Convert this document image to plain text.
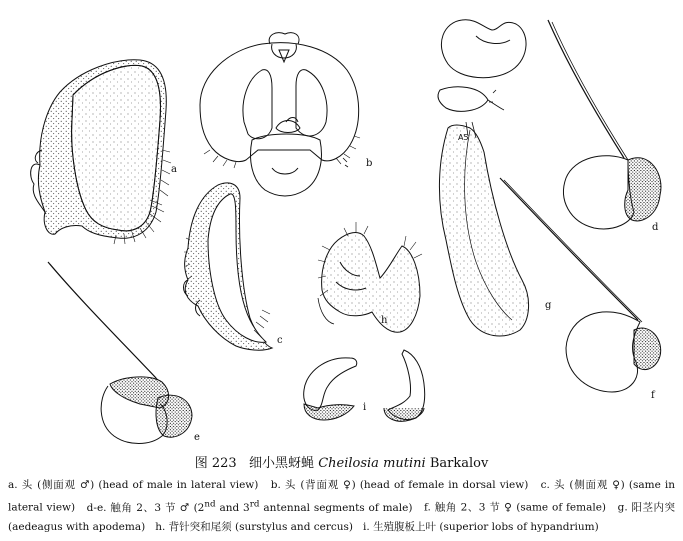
a
b
c
d
e
f
A5
g
h
i

图 223 细小黑蚜蝇 Cheilosia mutini Barkalov

a. 头 (侧面观 ♂) (head of male in lateral view) b. 头 (背面观 ♀) (head of female in dorsal view) c. 头 (侧面观 ♀) (same in lateral view) d-e. 触角 2、3 节 ♂ (2nd and 3rd antennal segments of male) f. 触角 2、3 节 ♀ (same of female) g. 阳茎内突 (aedeagus with apodema) h. 背针突和尾须 (surstylus and cercus) i. 生殖腹板上叶 (superior lobs of hypandrium)
